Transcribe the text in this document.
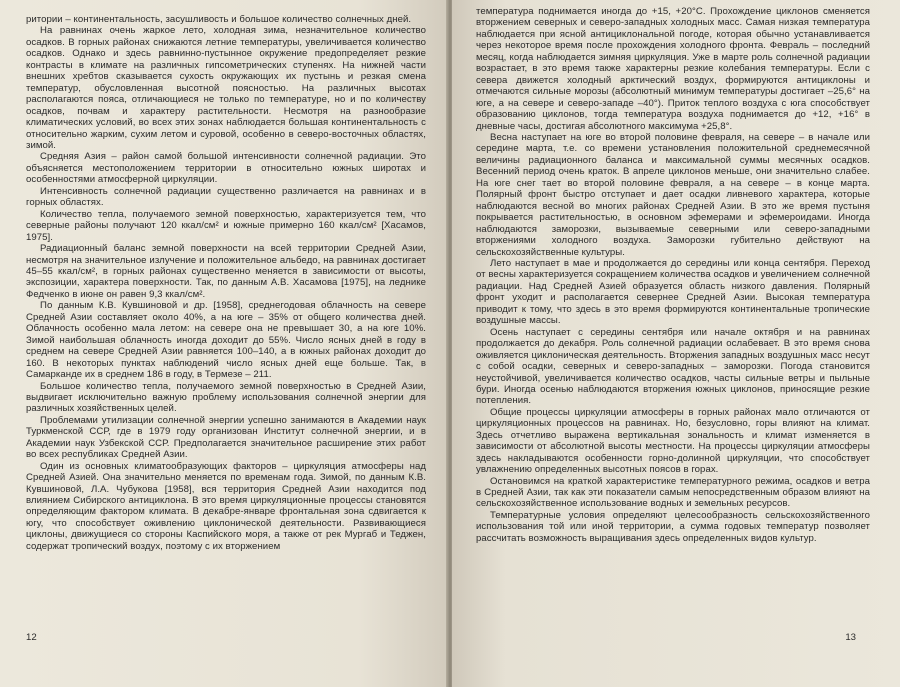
ритории – континентальность, засушливость и большое количество солнечных дней.

На равнинах очень жаркое лето, холодная зима, незначительное количество осадков. В горных районах снижаются летние температуры, увеличивается количество осадков. Однако и здесь равнинно-пустынное окружение предопределяет резкие контрасты в климате на различных гипсометрических ступенях. На нижней части внешних хребтов сказывается сухость окружающих их пустынь и резкая смена температур, обусловленная высотной поясностью. На различных высотах располагаются пояса, отличающиеся не только по температуре, но и по количеству осадков, почвам и характеру растительности. Несмотря на разнообразие климатических условий, во всех этих зонах наблюдается большая континентальность с относительно жарким, сухим летом и суровой, особенно в северо-восточных областях, зимой.

Средняя Азия – район самой большой интенсивности солнечной радиации. Это объясняется местоположением территории в относительно южных широтах и особенностями атмосферной циркуляции.

Интенсивность солнечной радиации существенно различается на равнинах и в горных областях.

Количество тепла, получаемого земной поверхностью, характеризуется тем, что северные районы получают 120 ккал/см² и южные примерно 160 ккал/см² [Хасамов, 1975].

Радиационный баланс земной поверхности на всей территории Средней Азии, несмотря на значительное излучение и положительное альбедо, на равнинах достигает 45–55 ккал/см², в горных районах существенно меняется в зависимости от высоты, экспозиции, характера поверхности. Так, по данным А.В. Хасамова [1975], на леднике Федченко в июне он равен 9,3 ккал/см².

По данным К.В. Кувшиновой и др. [1958], среднегодовая облачность на севере Средней Азии составляет около 40%, а на юге – 35% от общего количества дней. Облачность особенно мала летом: на севере она не превышает 30, а на юге 10%. Зимой наибольшая облачность иногда доходит до 55%. Число ясных дней в году в среднем на севере Средней Азии равняется 100–140, а в южных районах доходит до 160. В некоторых пунктах наблюдений число ясных дней еще больше. Так, в Самарканде их в среднем 186 в году, в Термезе – 211.

Большое количество тепла, получаемого земной поверхностью в Средней Азии, выдвигает исключительно важную проблему использования солнечной энергии для различных хозяйственных целей.

Проблемами утилизации солнечной энергии успешно занимаются в Академии наук Туркменской ССР, где в 1979 году организован Институт солнечной энергии, и в Академии наук Узбекской ССР. Предполагается значительное расширение этих работ во всех республиках Средней Азии.

Один из основных климатообразующих факторов – циркуляция атмосферы над Средней Азией. Она значительно меняется по временам года. Зимой, по данным К.В. Кувшиновой, Л.А. Чубукова [1958], вся территория Средней Азии находится под влиянием Сибирского антициклона. В это время циркуляционные процессы становятся определяющим фактором климата. В декабре-январе фронтальная зона сдвигается к югу, что способствует оживлению циклонической деятельности. Развивающиеся циклоны, движущиеся со стороны Каспийского моря, а также от рек Мургаб и Теджен, содержат тропический воздух, поэтому с их вторжением

12

температура поднимается иногда до +15, +20°С. Прохождение циклонов сменяется вторжением северных и северо-западных холодных масс. Самая низкая температура наблюдается при ясной антициклональной погоде, которая обычно устанавливается через некоторое время после прохождения холодного фронта. Февраль – последний месяц, когда наблюдается зимняя циркуляция. Уже в марте роль солнечной радиации возрастает, в это время также характерны резкие колебания температуры. Если с севера движется холодный арктический воздух, формируются антициклоны и отмечаются сильные морозы (абсолютный минимум температуры достигает –25,6° на юге, а на севере и северо-западе –40°). Приток теплого воздуха с юга способствует образованию циклонов, тогда температура воздуха поднимается до +12, +16° в дневные часы, достигая абсолютного максимума +25,8°.

Весна наступает на юге во второй половине февраля, на севере – в начале или середине марта, т.е. со времени установления положительной среднемесячной величины радиационного баланса и максимальной суммы месячных осадков. Весенний период очень краток. В апреле циклонов меньше, они значительно слабее. На юге снег тает во второй половине февраля, а на севере – в конце марта. Полярный фронт быстро отступает и дает осадки ливневого характера, которые наблюдаются весной во многих районах Средней Азии. В это же время пустыня покрывается растительностью, в основном эфемерами и эфемероидами. Иногда наблюдаются заморозки, вызываемые северными или северо-западными вторжениями холодного воздуха. Заморозки губительно действуют на сельскохозяйственные культуры.

Лето наступает в мае и продолжается до середины или конца сентября. Переход от весны характеризуется сокращением количества осадков и увеличением солнечной радиации. Над Средней Азией образуется область низкого давления. Полярный фронт уходит и располагается севернее Средней Азии. Высокая температура приводит к тому, что здесь в это время формируются континентальные тропические воздушные массы.

Осень наступает с середины сентября или начале октября и на равнинах продолжается до декабря. Роль солнечной радиации ослабевает. В это время снова оживляется циклоническая деятельность. Вторжения западных воздушных масс несут с собой осадки, северных и северо-западных – заморозки. Погода становится неустойчивой, увеличивается количество осадков, часты сильные ветры и пыльные бури. Иногда осенью наблюдаются вторжения южных циклонов, приносящие резкие потепления.

Общие процессы циркуляции атмосферы в горных районах мало отличаются от циркуляционных процессов на равнинах. Но, безусловно, горы влияют на климат. Здесь отчетливо выражена вертикальная зональность и климат изменяется в зависимости от абсолютной высоты местности. На процессы циркуляции атмосферы здесь накладываются особенности горно-долинной циркуляции, что способствует увлажнению определенных высотных поясов в горах.

Остановимся на краткой характеристике температурного режима, осадков и ветра в Средней Азии, так как эти показатели самым непосредственным образом влияют на сельскохозяйственное использование водных и земельных ресурсов.

Температурные условия определяют целесообразность сельскохозяйственного использования той или иной территории, а сумма годовых температур позволяет рассчитать возможность выращивания здесь определенных видов культур.

13
